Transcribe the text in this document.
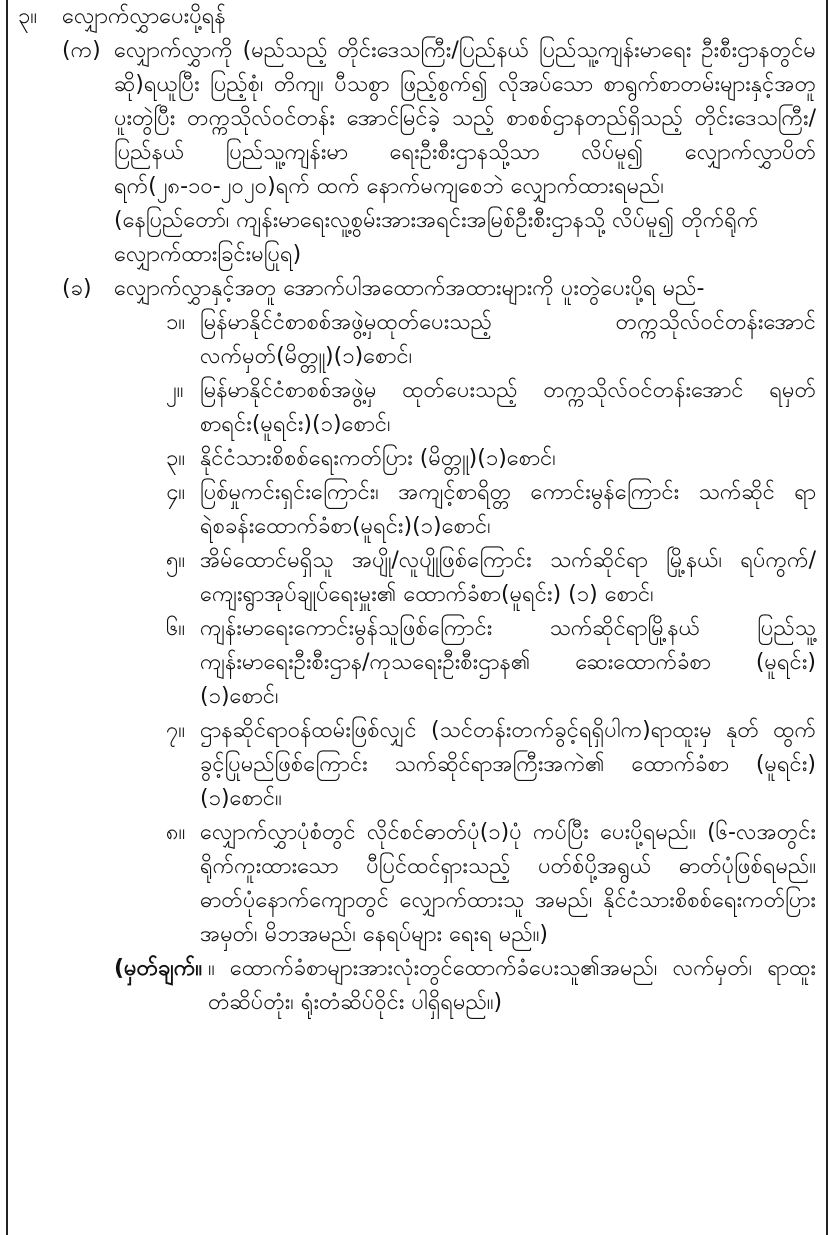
၃။	လျှောက်လွှာပေးပို့ရန်
(က) လျှောက်လွှာကို (မည်သည့် တိုင်းဒေသကြီး/ပြည်နယ် ပြည်သူ့ကျန်းမာရေး ဦးစီးဌာနတွင်မဆို)ရယူပြီး ပြည့်စုံ၊ တိကျ၊ ပီသစွာ ဖြည့်စွက်၍ လိုအပ်သော စာရွက်စာတမ်းများနှင့်အတူ ပူးတွဲပြီး တက္ကသိုလ်ဝင်တန်း အောင်မြင်ခဲ့ သည့် စာစစ်ဌာနတည်ရှိသည့် တိုင်းဒေသကြီး/ပြည်နယ် ပြည်သူ့ကျန်းမာ ရေးဦးစီးဌာနသို့သာ လိပ်မူ၍ လျှောက်လွှာပိတ်ရက်(၂၈-၁၀-၂၀၂၀)ရက် ထက် နောက်မကျစေဘဲ လျှောက်ထားရမည်၊
(နေပြည်တော်၊ ကျန်းမာရေးလူ့စွမ်းအားအရင်းအမြစ်ဦးစီးဌာနသို့ လိပ်မူ၍ တိုက်ရိုက်လျှောက်ထားခြင်းမပြုရ)
(ခ)	လျှောက်လွှာနှင့်အတူ အောက်ပါအထောက်အထားများကို ပူးတွဲပေးပို့ရ မည်-
၁။ မြန်မာနိုင်ငံစာစစ်အဖွဲ့မှထုတ်ပေးသည့် တက္ကသိုလ်ဝင်တန်းအောင် လက်မှတ်(မိတ္တူ)(၁)စောင်၊
၂။ မြန်မာနိုင်ငံစာစစ်အဖွဲ့မှ ထုတ်ပေးသည့် တက္ကသိုလ်ဝင်တန်းအောင် ရမှတ်စာရင်း(မူရင်း)(၁)စောင်၊
၃။ နိုင်ငံသားစိစစ်ရေးကတ်ပြား (မိတ္တူ)(၁)စောင်၊
၄။ ပြစ်မှုကင်းရှင်းကြောင်း၊ အကျင့်စာရိတ္တ ကောင်းမွန်ကြောင်း သက်ဆိုင် ရာ ရဲစခန်းထောက်ခံစာ(မူရင်း)(၁)စောင်၊
၅။ အိမ်ထောင်မရှိသူ အပျို/လူပျိုဖြစ်ကြောင်း သက်ဆိုင်ရာ မြို့နယ်၊ ရပ်ကွက်/ ကျေးရွာအုပ်ချုပ်ရေးမှူး၏ ထောက်ခံစာ(မူရင်း) (၁) စောင်၊
၆။ ကျန်းမာရေးကောင်းမွန်သူဖြစ်ကြောင်း သက်ဆိုင်ရာမြို့နယ် ပြည်သူ့ ကျန်းမာရေးဦးစီးဌာန/ကုသရေးဦးစီးဌာန၏ ဆေးထောက်ခံစာ (မူရင်း) (၁)စောင်၊
၇။ ဌာနဆိုင်ရာဝန်ထမ်းဖြစ်လျှင် (သင်တန်းတက်ခွင့်ရရှိပါက)ရာထူးမှ နုတ် ထွက်ခွင့်ပြုမည်ဖြစ်ကြောင်း သက်ဆိုင်ရာအကြီးအကဲ၏ ထောက်ခံစာ (မူရင်း)(၁)စောင်။
၈။ လျှောက်လွှာပုံစံတွင် လိုင်စင်ဓာတ်ပုံ(၁)ပုံ ကပ်ပြီး ပေးပို့ရမည်။ (၆-လအတွင်း ရိုက်ကူးထားသော ပီပြင်ထင်ရှားသည့် ပတ်စ်ပို့အရွယ် ဓာတ်ပုံဖြစ်ရမည်။ ဓာတ်ပုံနောက်ကျောတွင် လျှောက်ထားသူ အမည်၊ နိုင်ငံသားစိစစ်ရေးကတ်ပြားအမှတ်၊ မိဘအမည်၊ နေရပ်များ ရေးရ မည်။)
(မှတ်ချက်။ ။ ထောက်ခံစာများအားလုံးတွင်ထောက်ခံပေးသူ၏အမည်၊ လက်မှတ်၊ ရာထူးတံဆိပ်တုံး၊ ရုံးတံဆိပ်ဝိုင်း ပါရှိရမည်။)
